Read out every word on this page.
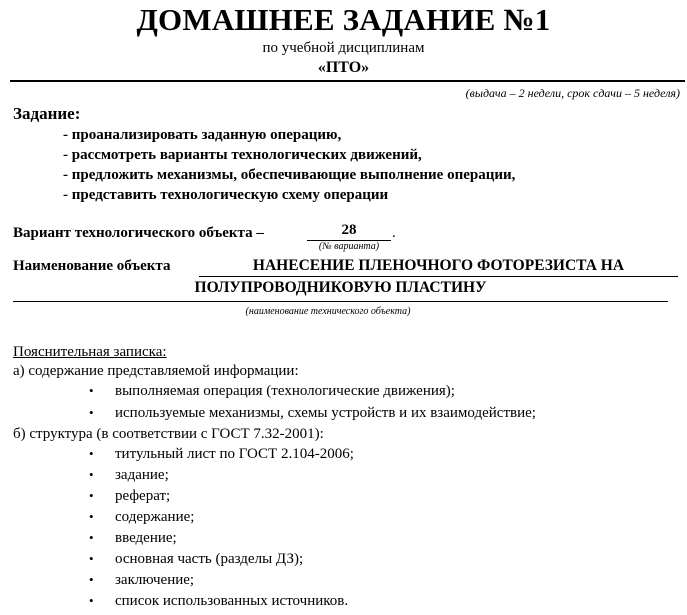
ДОМАШНЕЕ ЗАДАНИЕ №1
по учебной дисциплинам
«ПТО»
(выдача – 2 недели, срок сдачи – 5 неделя)
Задание:
- проанализировать заданную операцию,
- рассмотреть варианты технологических движений,
- предложить механизмы, обеспечивающие выполнение операции,
- представить технологическую схему операции
Вариант технологического объекта –	28	.
(№ варианта)
Наименование объекта	НАНЕСЕНИЕ ПЛЕНОЧНОГО ФОТОРЕЗИСТА НА
ПОЛУПРОВОДНИКОВУЮ ПЛАСТИНУ
(наименование технического объекта)
Пояснительная записка:
а) содержание представляемой информации:
• выполняемая операция (технологические движения);
• используемые механизмы, схемы устройств и их взаимодействие;
б) структура (в соответствии с ГОСТ 7.32-2001):
• титульный лист по ГОСТ 2.104-2006;
• задание;
• реферат;
• содержание;
• введение;
• основная часть (разделы ДЗ);
• заключение;
• список использованных источников.
